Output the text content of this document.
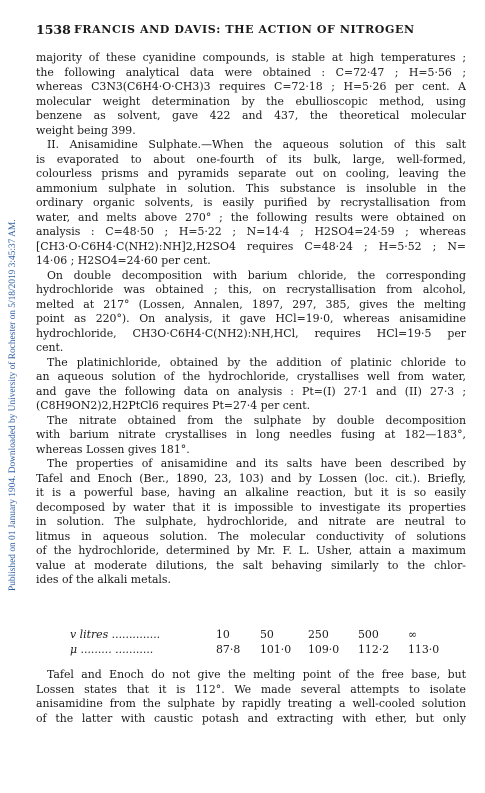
Published on 01 January 1904. Downloaded by University of Rochester on 5/18/2019 3:45:37 AM.
1538 FRANCIS AND DAVIS: THE ACTION OF NITROGEN
majority of these cyanidine compounds, is stable at high temperatures ;
the following analytical data were obtained : C=72·47 ; H=5·56 ;
whereas C3N3(C6H4·O·CH3)3 requires C=72·18 ; H=5·26 per cent. A
molecular weight determination by the ebullioscopic method, using
benzene as solvent, gave 422 and 437, the theoretical molecular
weight being 399.
II. Anisamidine Sulphate.—When the aqueous solution of this salt
is evaporated to about one-fourth of its bulk, large, well-formed,
colourless prisms and pyramids separate out on cooling, leaving the
ammonium sulphate in solution. This substance is insoluble in the
ordinary organic solvents, is easily purified by recrystallisation from
water, and melts above 270° ; the following results were obtained on
analysis : C=48·50 ; H=5·22 ; N=14·4 ; H2SO4=24·59 ; whereas
[CH3·O·C6H4·C(NH2):NH]2,H2SO4 requires C=48·24 ; H=5·52 ; N=
14·06 ; H2SO4=24·60 per cent.
On double decomposition with barium chloride, the corresponding
hydrochloride was obtained ; this, on recrystallisation from alcohol,
melted at 217° (Lossen, Annalen, 1897, 297, 385, gives the melting
point as 220°). On analysis, it gave HCl=19·0, whereas anisamidine
hydrochloride, CH3O·C6H4·C(NH2):NH,HCl, requires HCl=19·5 per
cent.
The platinichloride, obtained by the addition of platinic chloride to
an aqueous solution of the hydrochloride, crystallises well from water,
and gave the following data on analysis : Pt=(I) 27·1 and (II) 27·3 ;
(C8H9ON2)2,H2PtCl6 requires Pt=27·4 per cent.
The nitrate obtained from the sulphate by double decomposition
with barium nitrate crystallises in long needles fusing at 182—183°,
whereas Lossen gives 181°.
The properties of anisamidine and its salts have been described by
Tafel and Enoch (Ber., 1890, 23, 103) and by Lossen (loc. cit.). Briefly,
it is a powerful base, having an alkaline reaction, but it is so easily
decomposed by water that it is impossible to investigate its properties
in solution. The sulphate, hydrochloride, and nitrate are neutral to
litmus in aqueous solution. The molecular conductivity of solutions
of the hydrochloride, determined by Mr. F. L. Usher, attain a maximum
value at moderate dilutions, the salt behaving similarly to the chlor-
ides of the alkali metals.
v litres ..............	10	50	250	500	∞
μ ......... ...........	87·8 101·0 109·0 112·2 113·0
Tafel and Enoch do not give the melting point of the free base, but
Lossen states that it is 112°. We made several attempts to isolate
anisamidine from the sulphate by rapidly treating a well-cooled solution
of the latter with caustic potash and extracting with ether, but only
